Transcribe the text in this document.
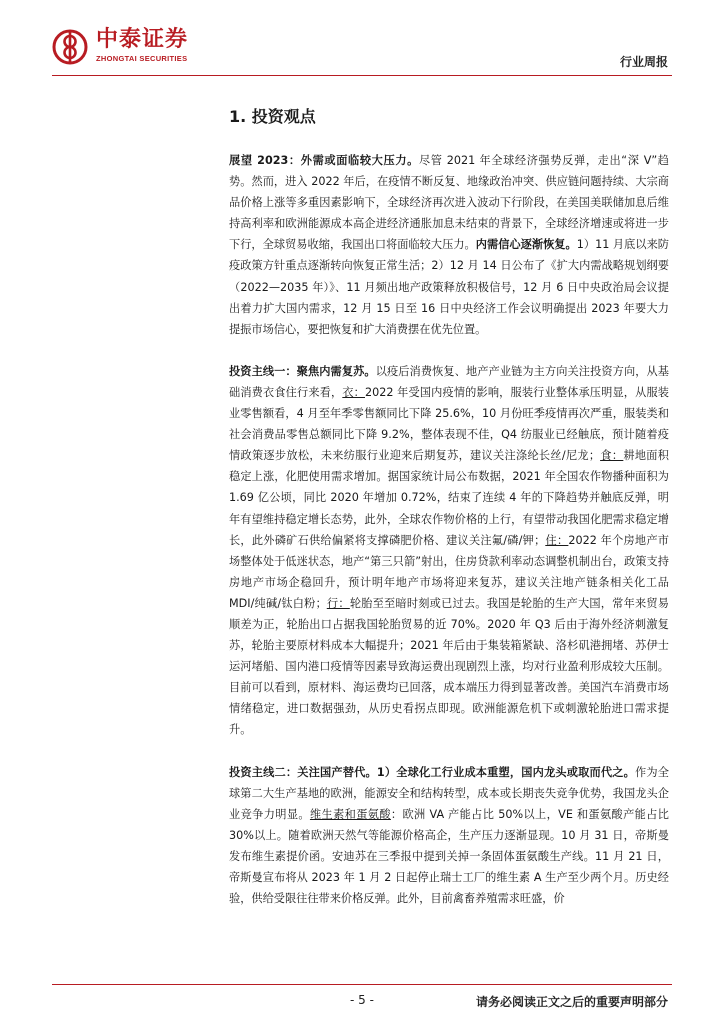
中泰证券
ZHONGTAI SECURITIES	行业周报
1. 投资观点

展望 2023：外需或面临较大压力。尽管 2021 年全球经济强势反弹，走出“深 V”趋势。然而，进入 2022 年后，在疫情不断反复、地缘政治冲突、供应链问题持续、大宗商品价格上涨等多重因素影响下，全球经济再次进入波动下行阶段，在美国美联储加息后维持高利率和欧洲能源成本高企进经济通胀加息未结束的背景下，全球经济增速或将进一步下行，全球贸易收缩，我国出口将面临较大压力。内需信心逐渐恢复。1）11 月底以来防疫政策方针重点逐渐转向恢复正常生活；2）12 月 14 日公布了《扩大内需战略规划纲要（2022—2035 年）》、11 月频出地产政策释放积极信号，12 月 6 日中央政治局会议提出着力扩大国内需求，12 月 15 日至 16 日中央经济工作会议明确提出 2023 年要大力提振市场信心，要把恢复和扩大消费摆在优先位置。

投资主线一：聚焦内需复苏。以疫后消费恢复、地产产业链为主方向关注投资方向，从基础消费衣食住行来看，衣：2022 年受国内疫情的影响，服装行业整体承压明显，从服装业零售额看，4 月至年季零售额同比下降 25.6%，10 月份旺季疫情再次严重，服装类和社会消费品零售总额同比下降 9.2%，整体表现不佳，Q4 纺服业已经触底，预计随着疫情政策逐步放松，未来纺服行业迎来后期复苏，建议关注涤纶长丝/尼龙；食：耕地面积稳定上涨，化肥使用需求增加。据国家统计局公布数据，2021 年全国农作物播种面积为 1.69 亿公顷，同比 2020 年增加 0.72%，结束了连续 4 年的下降趋势并触底反弹，明年有望维持稳定增长态势，此外，全球农作物价格的上行，有望带动我国化肥需求稳定增长，此外磷矿石供给偏紧将支撑磷肥价格、建议关注氟/磷/钾；住：2022 年个房地产市场整体处于低迷状态，地产“第三只箭”射出，住房贷款利率动态调整机制出台，政策支持房地产市场企稳回升，预计明年地产市场将迎来复苏，建议关注地产链条相关化工品 MDI/纯碱/钛白粉；行：轮胎至至暗时刻或已过去。我国是轮胎的生产大国，常年来贸易顺差为正，轮胎出口占据我国轮胎贸易的近 70%。2020 年 Q3 后由于海外经济刺激复苏，轮胎主要原材料成本大幅提升；2021 年后由于集装箱紧缺、洛杉矶港拥堵、苏伊士运河堵船、国内港口疫情等因素导致海运费出现剧烈上涨，均对行业盈利形成较大压制。目前可以看到，原材料、海运费均已回落，成本端压力得到显著改善。美国汽车消费市场情绪稳定，进口数据强劲，从历史看拐点即现。欧洲能源危机下或刺激轮胎进口需求提升。

投资主线二：关注国产替代。1）全球化工行业成本重塑，国内龙头或取而代之。作为全球第二大生产基地的欧洲，能源安全和结构转型，成本或长期丧失竞争优势，我国龙头企业竞争力明显。维生素和蛋氨酸：欧洲 VA 产能占比 50%以上，VE 和蛋氨酸产能占比 30%以上。随着欧洲天然气等能源价格高企，生产压力逐渐显现。10 月 31 日，帝斯曼发布维生素提价函。安迪苏在三季报中提到关掉一条固体蛋氨酸生产线。11 月 21 日，帝斯曼宣布将从 2023 年 1 月 2 日起停止瑞士工厂的维生素 A 生产至少两个月。历史经验，供给受限往往带来价格反弹。此外，目前禽畜养殖需求旺盛，价

- 5 -	请务必阅读正文之后的重要声明部分
